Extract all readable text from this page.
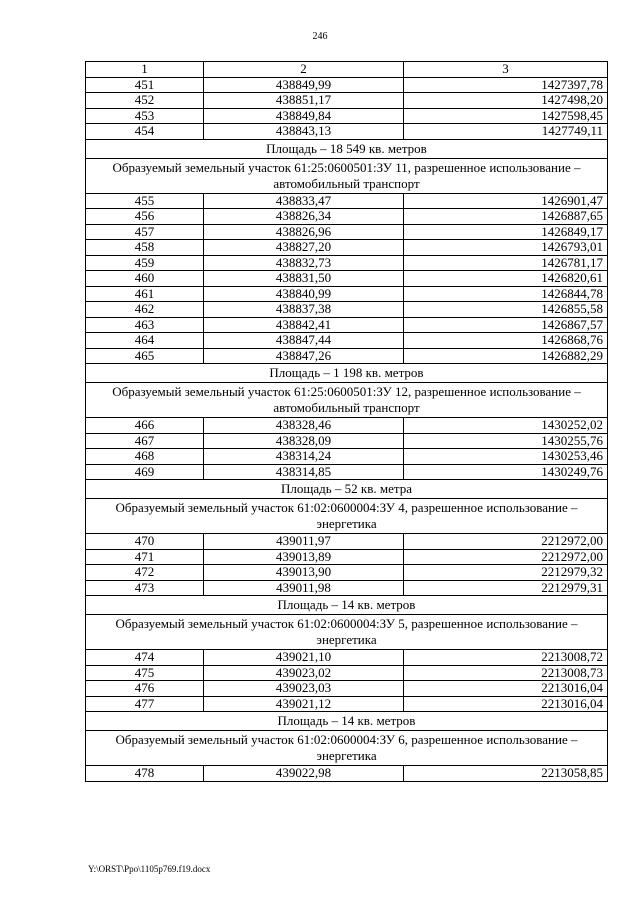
246
1	2	3
451	438849,99	1427397,78
452	438851,17	1427498,20
453	438849,84	1427598,45
454	438843,13	1427749,11
Площадь – 18 549 кв. метров		
Образуемый земельный участок 61:25:0600501:ЗУ 11, разрешенное использование – автомобильный транспорт		
455	438833,47	1426901,47
456	438826,34	1426887,65
457	438826,96	1426849,17
458	438827,20	1426793,01
459	438832,73	1426781,17
460	438831,50	1426820,61
461	438840,99	1426844,78
462	438837,38	1426855,58
463	438842,41	1426867,57
464	438847,44	1426868,76
465	438847,26	1426882,29
Площадь – 1 198 кв. метров		
Образуемый земельный участок 61:25:0600501:ЗУ 12, разрешенное использование – автомобильный транспорт		
466	438328,46	1430252,02
467	438328,09	1430255,76
468	438314,24	1430253,46
469	438314,85	1430249,76
Площадь – 52 кв. метра		
Образуемый земельный участок 61:02:0600004:ЗУ 4, разрешенное использование – энергетика		
470	439011,97	2212972,00
471	439013,89	2212972,00
472	439013,90	2212979,32
473	439011,98	2212979,31
Площадь – 14 кв. метров		
Образуемый земельный участок 61:02:0600004:ЗУ 5, разрешенное использование – энергетика		
474	439021,10	2213008,72
475	439023,02	2213008,73
476	439023,03	2213016,04
477	439021,12	2213016,04
Площадь – 14 кв. метров		
Образуемый земельный участок 61:02:0600004:ЗУ 6, разрешенное использование – энергетика		
478	439022,98	2213058,85
Y:\ORST\Ppo\1105p769.f19.docx
